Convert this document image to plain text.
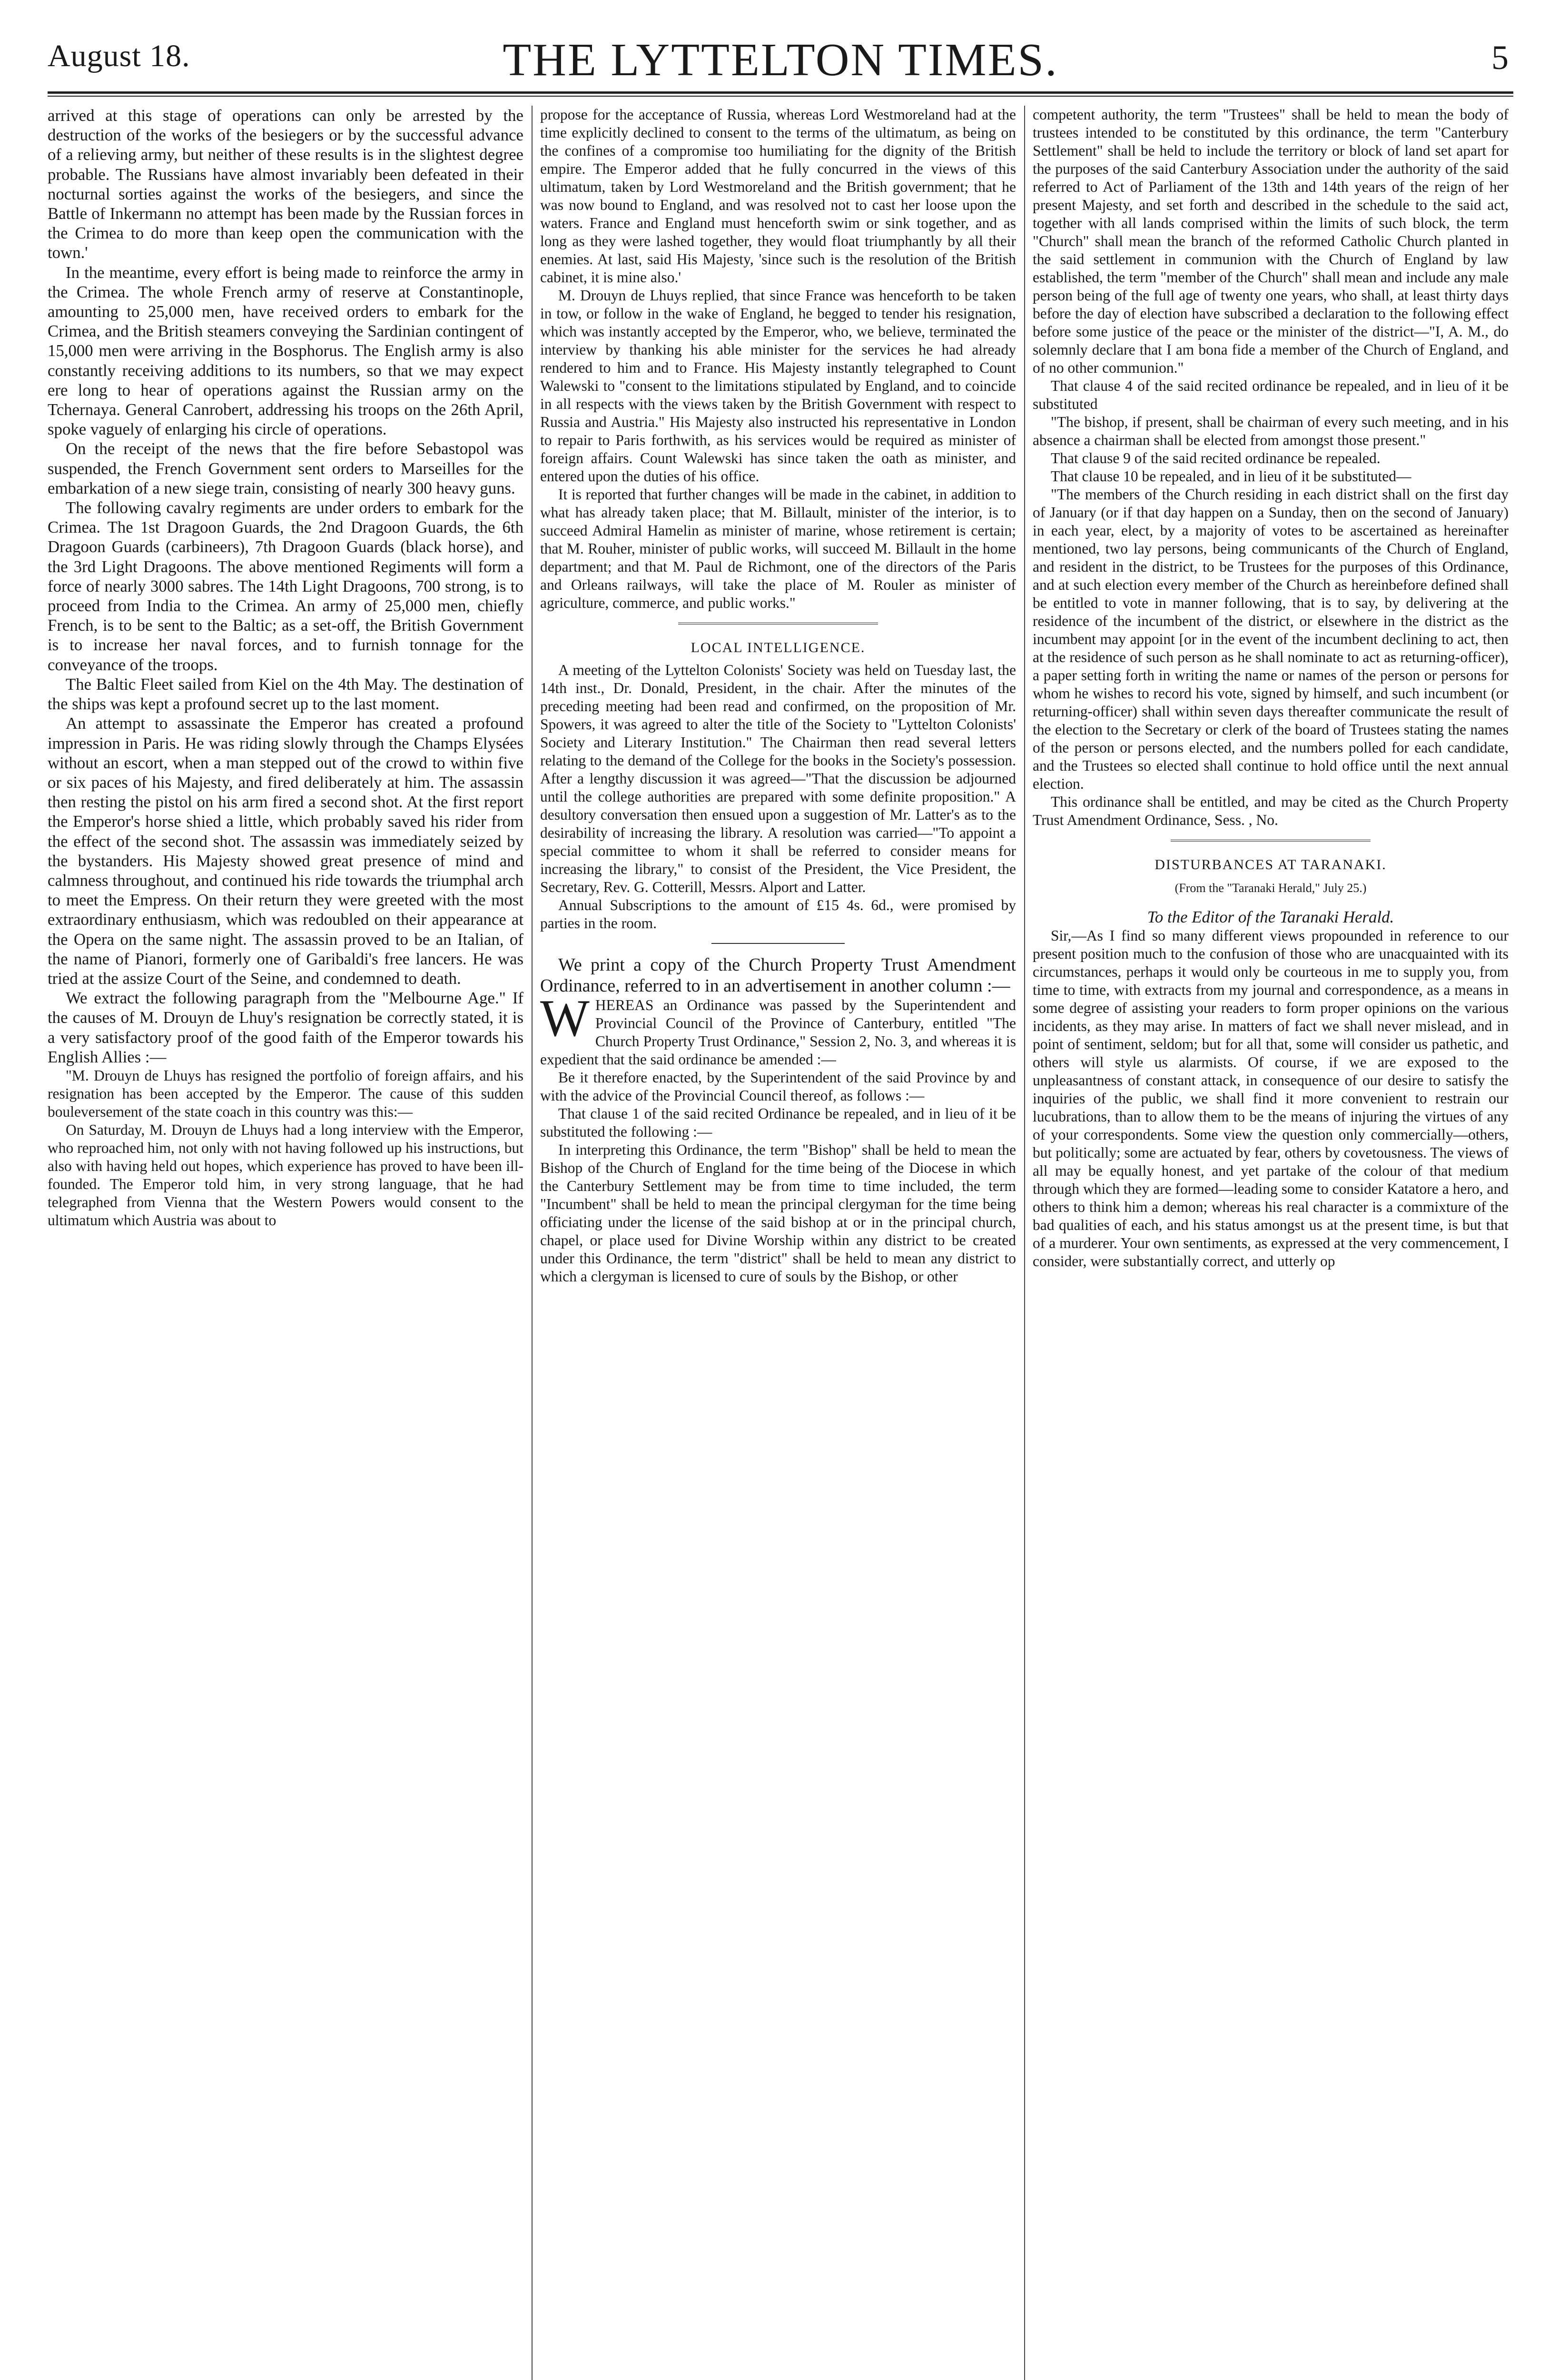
August 18.	THE LYTTELTON TIMES.	5

arrived at this stage of operations can only be arrested by the destruction of the works of the besiegers or by the successful advance of a relieving army, but neither of these results is in the slightest degree probable. The Russians have almost invariably been defeated in their nocturnal sorties against the works of the besiegers, and since the Battle of Inkermann no attempt has been made by the Russian forces in the Crimea to do more than keep open the communication with the town.'

In the meantime, every effort is being made to reinforce the army in the Crimea. The whole French army of reserve at Constantinople, amounting to 25,000 men, have received orders to embark for the Crimea, and the British steamers conveying the Sardinian contingent of 15,000 men were arriving in the Bosphorus. The English army is also constantly receiving additions to its numbers, so that we may expect ere long to hear of operations against the Russian army on the Tchernaya. General Canrobert, addressing his troops on the 26th April, spoke vaguely of enlarging his circle of operations.

On the receipt of the news that the fire before Sebastopol was suspended, the French Government sent orders to Marseilles for the embarkation of a new siege train, consisting of nearly 300 heavy guns.

The following cavalry regiments are under orders to embark for the Crimea. The 1st Dragoon Guards, the 2nd Dragoon Guards, the 6th Dragoon Guards (carbineers), 7th Dragoon Guards (black horse), and the 3rd Light Dragoons. The above mentioned Regiments will form a force of nearly 3000 sabres. The 14th Light Dragoons, 700 strong, is to proceed from India to the Crimea. An army of 25,000 men, chiefly French, is to be sent to the Baltic; as a set-off, the British Government is to increase her naval forces, and to furnish tonnage for the conveyance of the troops.

The Baltic Fleet sailed from Kiel on the 4th May. The destination of the ships was kept a profound secret up to the last moment.

An attempt to assassinate the Emperor has created a profound impression in Paris. He was riding slowly through the Champs Elysées without an escort, when a man stepped out of the crowd to within five or six paces of his Majesty, and fired deliberately at him. The assassin then resting the pistol on his arm fired a second shot. At the first report the Emperor's horse shied a little, which probably saved his rider from the effect of the second shot. The assassin was immediately seized by the bystanders. His Majesty showed great presence of mind and calmness throughout, and continued his ride towards the triumphal arch to meet the Empress. On their return they were greeted with the most extraordinary enthusiasm, which was redoubled on their appearance at the Opera on the same night. The assassin proved to be an Italian, of the name of Pianori, formerly one of Garibaldi's free lancers. He was tried at the assize Court of the Seine, and condemned to death.

We extract the following paragraph from the "Melbourne Age." If the causes of M. Drouyn de Lhuy's resignation be correctly stated, it is a very satisfactory proof of the good faith of the Emperor towards his English Allies :—

"M. Drouyn de Lhuys has resigned the portfolio of foreign affairs, and his resignation has been accepted by the Emperor. The cause of this sudden bouleversement of the state coach in this country was this:—

On Saturday, M. Drouyn de Lhuys had a long interview with the Emperor, who reproached him, not only with not having followed up his instructions, but also with having held out hopes, which experience has proved to have been ill-founded. The Emperor told him, in very strong language, that he had telegraphed from Vienna that the Western Powers would consent to the ultimatum which Austria was about to

propose for the acceptance of Russia, whereas Lord Westmoreland had at the time explicitly declined to consent to the terms of the ultimatum, as being on the confines of a compromise too humiliating for the dignity of the British empire. The Emperor added that he fully concurred in the views of this ultimatum, taken by Lord Westmoreland and the British government; that he was now bound to England, and was resolved not to cast her loose upon the waters. France and England must henceforth swim or sink together, and as long as they were lashed together, they would float triumphantly by all their enemies. At last, said His Majesty, 'since such is the resolution of the British cabinet, it is mine also.'

M. Drouyn de Lhuys replied, that since France was henceforth to be taken in tow, or follow in the wake of England, he begged to tender his resignation, which was instantly accepted by the Emperor, who, we believe, terminated the interview by thanking his able minister for the services he had already rendered to him and to France. His Majesty instantly telegraphed to Count Walewski to "consent to the limitations stipulated by England, and to coincide in all respects with the views taken by the British Government with respect to Russia and Austria." His Majesty also instructed his representative in London to repair to Paris forthwith, as his services would be required as minister of foreign affairs. Count Walewski has since taken the oath as minister, and entered upon the duties of his office.

It is reported that further changes will be made in the cabinet, in addition to what has already taken place; that M. Billault, minister of the interior, is to succeed Admiral Hamelin as minister of marine, whose retirement is certain; that M. Rouher, minister of public works, will succeed M. Billault in the home department; and that M. Paul de Richmont, one of the directors of the Paris and Orleans railways, will take the place of M. Rouler as minister of agriculture, commerce, and public works."

LOCAL INTELLIGENCE.

A meeting of the Lyttelton Colonists' Society was held on Tuesday last, the 14th inst., Dr. Donald, President, in the chair. After the minutes of the preceding meeting had been read and confirmed, on the proposition of Mr. Spowers, it was agreed to alter the title of the Society to "Lyttelton Colonists' Society and Literary Institution." The Chairman then read several letters relating to the demand of the College for the books in the Society's possession. After a lengthy discussion it was agreed—"That the discussion be adjourned until the college authorities are prepared with some definite proposition." A desultory conversation then ensued upon a suggestion of Mr. Latter's as to the desirability of increasing the library. A resolution was carried—"To appoint a special committee to whom it shall be referred to consider means for increasing the library," to consist of the President, the Vice President, the Secretary, Rev. G. Cotterill, Messrs. Alport and Latter.

Annual Subscriptions to the amount of £15 4s. 6d., were promised by parties in the room.

We print a copy of the Church Property Trust Amendment Ordinance, referred to in an advertisement in another column :—

WHEREAS an Ordinance was passed by the Superintendent and Provincial Council of the Province of Canterbury, entitled "The Church Property Trust Ordinance," Session 2, No. 3, and whereas it is expedient that the said ordinance be amended :—

Be it therefore enacted, by the Superintendent of the said Province by and with the advice of the Provincial Council thereof, as follows :—

That clause 1 of the said recited Ordinance be repealed, and in lieu of it be substituted the following :—

In interpreting this Ordinance, the term "Bishop" shall be held to mean the Bishop of the Church of England for the time being of the Diocese in which the Canterbury Settlement may be from time to time included, the term "Incumbent" shall be held to mean the principal clergyman for the time being officiating under the license of the said bishop at or in the principal church, chapel, or place used for Divine Worship within any district to be created under this Ordinance, the term "district" shall be held to mean any district to which a clergyman is licensed to cure of souls by the Bishop, or other

competent authority, the term "Trustees" shall be held to mean the body of trustees intended to be constituted by this ordinance, the term "Canterbury Settlement" shall be held to include the territory or block of land set apart for the purposes of the said Canterbury Association under the authority of the said referred to Act of Parliament of the 13th and 14th years of the reign of her present Majesty, and set forth and described in the schedule to the said act, together with all lands comprised within the limits of such block, the term "Church" shall mean the branch of the reformed Catholic Church planted in the said settlement in communion with the Church of England by law established, the term "member of the Church" shall mean and include any male person being of the full age of twenty one years, who shall, at least thirty days before the day of election have subscribed a declaration to the following effect before some justice of the peace or the minister of the district—"I, A. M., do solemnly declare that I am bona fide a member of the Church of England, and of no other communion."

That clause 4 of the said recited ordinance be repealed, and in lieu of it be substituted

"The bishop, if present, shall be chairman of every such meeting, and in his absence a chairman shall be elected from amongst those present."

That clause 9 of the said recited ordinance be repealed.

That clause 10 be repealed, and in lieu of it be substituted—

"The members of the Church residing in each district shall on the first day of January (or if that day happen on a Sunday, then on the second of January) in each year, elect, by a majority of votes to be ascertained as hereinafter mentioned, two lay persons, being communicants of the Church of England, and resident in the district, to be Trustees for the purposes of this Ordinance, and at such election every member of the Church as hereinbefore defined shall be entitled to vote in manner following, that is to say, by delivering at the residence of the incumbent of the district, or elsewhere in the district as the incumbent may appoint [or in the event of the incumbent declining to act, then at the residence of such person as he shall nominate to act as returning-officer), a paper setting forth in writing the name or names of the person or persons for whom he wishes to record his vote, signed by himself, and such incumbent (or returning-officer) shall within seven days thereafter communicate the result of the election to the Secretary or clerk of the board of Trustees stating the names of the person or persons elected, and the numbers polled for each candidate, and the Trustees so elected shall continue to hold office until the next annual election.

This ordinance shall be entitled, and may be cited as the Church Property Trust Amendment Ordinance, Sess. , No.

DISTURBANCES AT TARANAKI.
(From the "Taranaki Herald," July 25.)

To the Editor of the Taranaki Herald.

Sir,—As I find so many different views propounded in reference to our present position much to the confusion of those who are unacquainted with its circumstances, perhaps it would only be courteous in me to supply you, from time to time, with extracts from my journal and correspondence, as a means in some degree of assisting your readers to form proper opinions on the various incidents, as they may arise. In matters of fact we shall never mislead, and in point of sentiment, seldom; but for all that, some will consider us pathetic, and others will style us alarmists. Of course, if we are exposed to the unpleasantness of constant attack, in consequence of our desire to satisfy the inquiries of the public, we shall find it more convenient to restrain our lucubrations, than to allow them to be the means of injuring the virtues of any of your correspondents. Some view the question only commercially—others, but politically; some are actuated by fear, others by covetousness. The views of all may be equally honest, and yet partake of the colour of that medium through which they are formed—leading some to consider Katatore a hero, and others to think him a demon; whereas his real character is a commixture of the bad qualities of each, and his status amongst us at the present time, is but that of a murderer. Your own sentiments, as expressed at the very commencement, I consider, were substantially correct, and utterly op
